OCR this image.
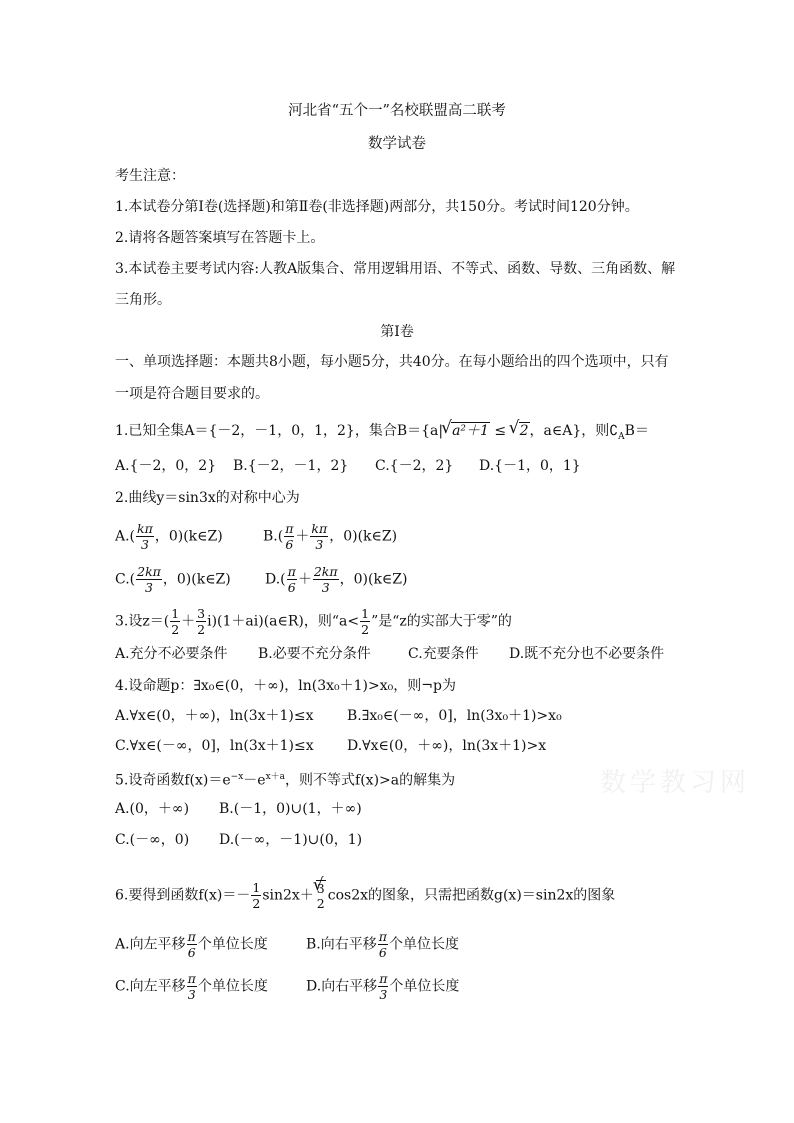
河北省“五个一”名校联盟高二联考
数学试卷
考生注意：
1.本试卷分第Ⅰ卷(选择题)和第Ⅱ卷(非选择题)两部分，共150分。考试时间120分钟。
2.请将各题答案填写在答题卡上。
3.本试卷主要考试内容:人教A版集合、常用逻辑用语、不等式、函数、导数、三角函数、解
三角形。
第Ⅰ卷
一、单项选择题：本题共8小题，每小题5分，共40分。在每小题给出的四个选项中，只有
一项是符合题目要求的。
1.已知全集A＝{－2，－1，0，1，2}，集合B＝{a| √ a²＋1 ≤ √ 2，a∈A}，则$∁_AB=$
A.{－2，0，2} B.{－2，－1，2} C.{－2，2} D.{－1，0，1}
2.曲线y＝sin3x的对称中心为
$A.( \frac{k\pi}{3}$ ，0)(k∈Z)	$B.( \frac{\pi}{6} + \frac{k\pi}{3}$ ，0)(k∈Z)
$C.( \frac{2k\pi}{3}$ ，0)(k∈Z) $D.( \frac{\pi}{6} + \frac{2k\pi}{3}$ ，0)(k∈Z)
3.设$z=( \frac{1}{2} + \frac{3}{2}$ i)(1＋ai)(a∈R)，则“$a< \frac{1}{2}$ ”是“z的实部大于零”的
A.充分不必要条件 B.必要不充分条件	C.充要条件 D.既不充分也不必要条件
4.设命题p：∃x₀∈(0，＋∞)，ln(3x₀＋1)>x₀，则¬p为
A.∀x∈(0，＋∞)，ln(3x＋1)≤x B.∃x₀∈(－∞，0]，ln(3x₀＋1)>x₀
C.∀x∈(－∞，0]，ln(3x＋1)≤x D.∀x∈(0，＋∞)，ln(3x＋1)>x
5.设奇函数$f(x)=e^{-x}-e^{x+a}$，则不等式f(x)>a的解集为
A.(0，＋∞) B.(－1，0)∪(1，＋∞)
C.(－∞，0) D.(－∞，－1)∪(0，1)
6.要得到函数$f(x)=- \frac{1}{2} \sin 2x+$ √ 3
2 cos2x的图象，只需把函数g(x)＝sin2x的图象
A.向左平移 $\frac{\pi}{6}$ 个单位长度	B.向右平移 $\frac{\pi}{6}$ 个单位长度
C.向左平移 $\frac{\pi}{3}$ 个单位长度	D.向右平移 $\frac{\pi}{3}$ 个单位长度
数学教习网
